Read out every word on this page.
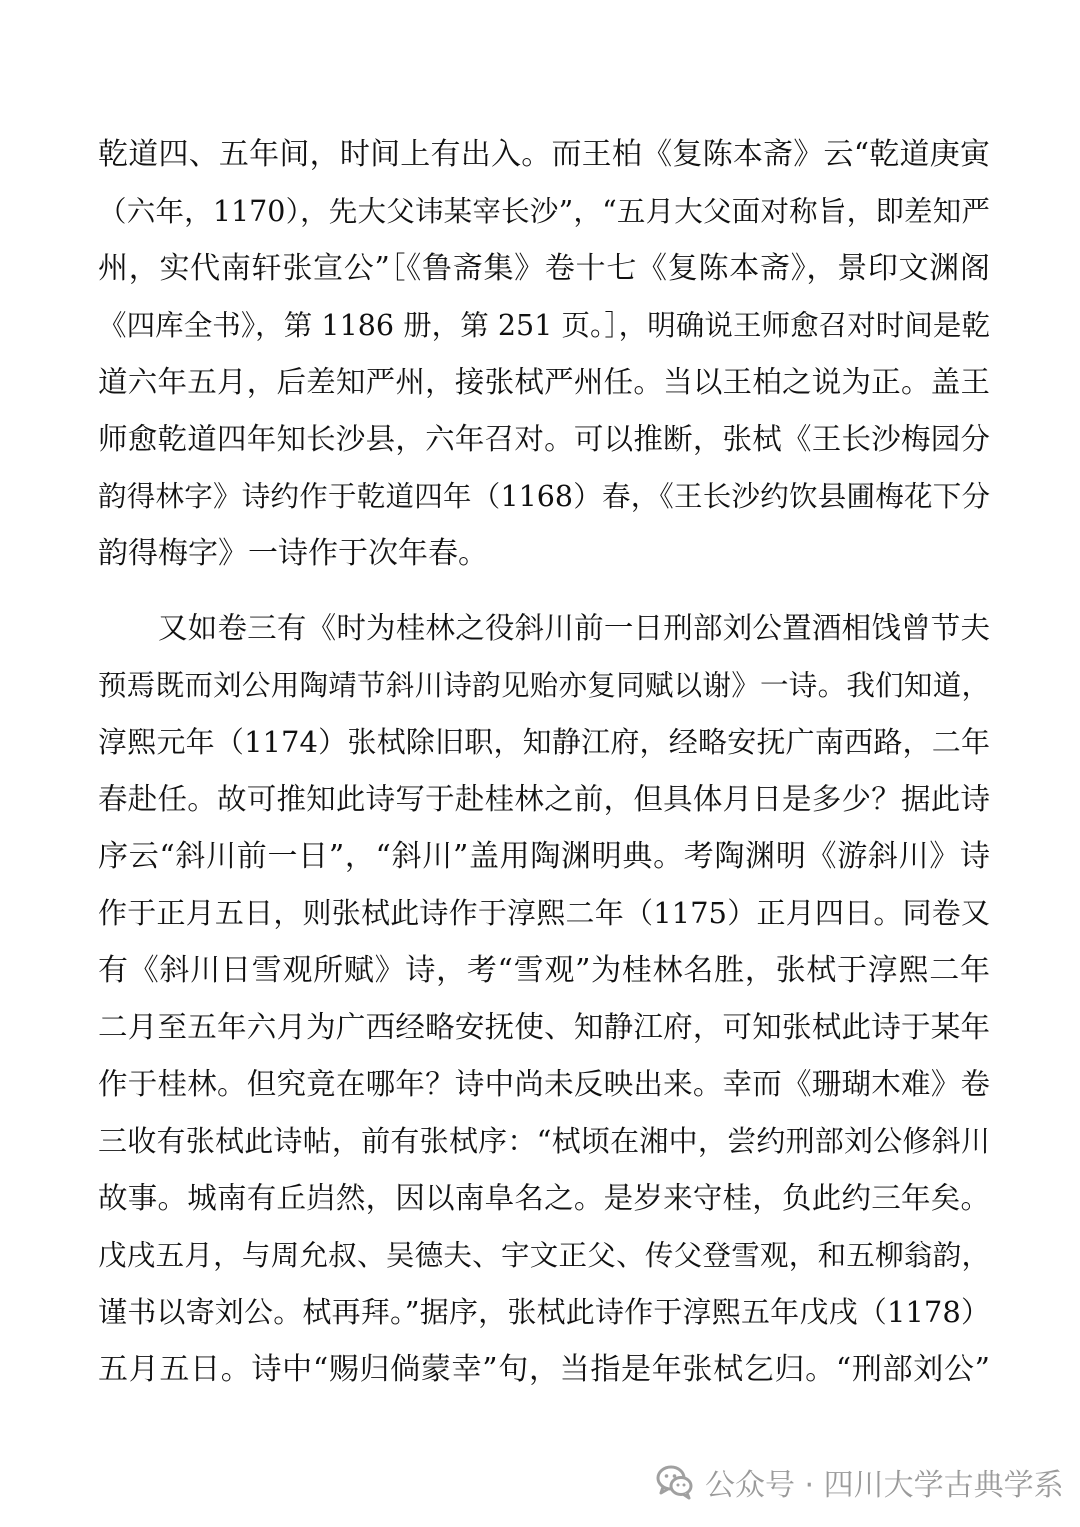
乾道四、五年间，时间上有出入。而王柏《复陈本斋》云“乾道庚寅
（六年，1170），先大父讳某宰长沙”，“五月大父面对称旨，即差知严
州，实代南轩张宣公”［《鲁斋集》卷十七《复陈本斋》，景印文渊阁
《四库全书》，第 1186 册，第 251 页。］，明确说王师愈召对时间是乾
道六年五月，后差知严州，接张栻严州任。当以王柏之说为正。盖王
师愈乾道四年知长沙县，六年召对。可以推断，张栻《王长沙梅园分
韵得林字》诗约作于乾道四年（1168）春，《王长沙约饮县圃梅花下分
韵得梅字》一诗作于次年春。
又如卷三有《时为桂林之役斜川前一日刑部刘公置酒相饯曾节夫
预焉既而刘公用陶靖节斜川诗韵见贻亦复同赋以谢》一诗。我们知道，
淳熙元年（1174）张栻除旧职，知静江府，经略安抚广南西路，二年
春赴任。故可推知此诗写于赴桂林之前，但具体月日是多少？据此诗
序云“斜川前一日”，“斜川”盖用陶渊明典。考陶渊明《游斜川》诗
作于正月五日，则张栻此诗作于淳熙二年（1175）正月四日。同卷又
有《斜川日雪观所赋》诗，考“雪观”为桂林名胜，张栻于淳熙二年
二月至五年六月为广西经略安抚使、知静江府，可知张栻此诗于某年
作于桂林。但究竟在哪年？诗中尚未反映出来。幸而《珊瑚木难》卷
三收有张栻此诗帖，前有张栻序：“栻顷在湘中，尝约刑部刘公修斜川
故事。城南有丘岿然，因以南阜名之。是岁来守桂，负此约三年矣。
戊戌五月，与周允叔、吴德夫、宇文正父、传父登雪观，和五柳翁韵，
谨书以寄刘公。栻再拜。”据序，张栻此诗作于淳熙五年戊戌（1178）
五月五日。诗中“赐归倘蒙幸”句，当指是年张栻乞归。“刑部刘公”
公众号 · 四川大学古典学系
